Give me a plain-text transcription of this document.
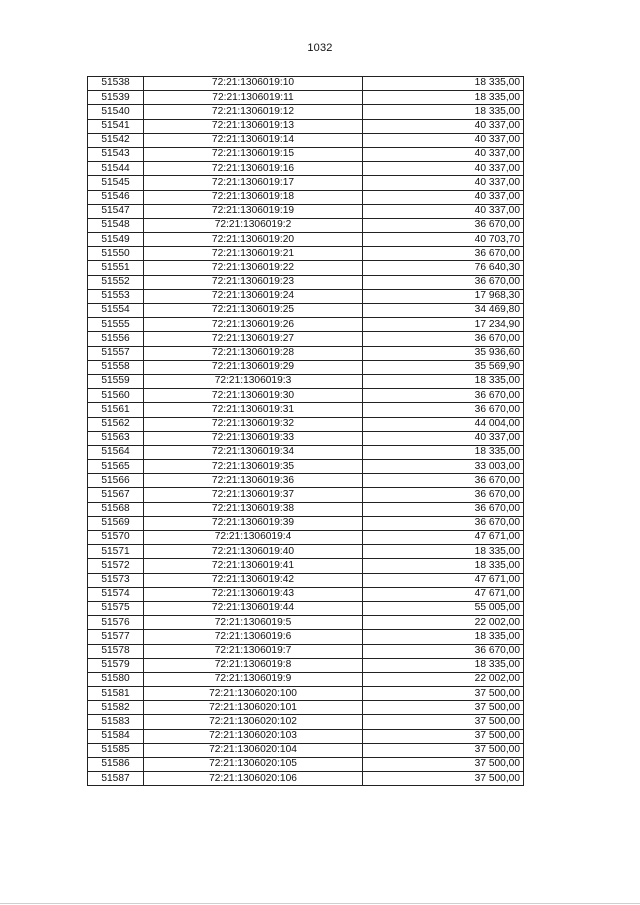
1032
51538	72:21:1306019:10	18 335,00
51539	72:21:1306019:11	18 335,00
51540	72:21:1306019:12	18 335,00
51541	72:21:1306019:13	40 337,00
51542	72:21:1306019:14	40 337,00
51543	72:21:1306019:15	40 337,00
51544	72:21:1306019:16	40 337,00
51545	72:21:1306019:17	40 337,00
51546	72:21:1306019:18	40 337,00
51547	72:21:1306019:19	40 337,00
51548	72:21:1306019:2	36 670,00
51549	72:21:1306019:20	40 703,70
51550	72:21:1306019:21	36 670,00
51551	72:21:1306019:22	76 640,30
51552	72:21:1306019:23	36 670,00
51553	72:21:1306019:24	17 968,30
51554	72:21:1306019:25	34 469,80
51555	72:21:1306019:26	17 234,90
51556	72:21:1306019:27	36 670,00
51557	72:21:1306019:28	35 936,60
51558	72:21:1306019:29	35 569,90
51559	72:21:1306019:3	18 335,00
51560	72:21:1306019:30	36 670,00
51561	72:21:1306019:31	36 670,00
51562	72:21:1306019:32	44 004,00
51563	72:21:1306019:33	40 337,00
51564	72:21:1306019:34	18 335,00
51565	72:21:1306019:35	33 003,00
51566	72:21:1306019:36	36 670,00
51567	72:21:1306019:37	36 670,00
51568	72:21:1306019:38	36 670,00
51569	72:21:1306019:39	36 670,00
51570	72:21:1306019:4	47 671,00
51571	72:21:1306019:40	18 335,00
51572	72:21:1306019:41	18 335,00
51573	72:21:1306019:42	47 671,00
51574	72:21:1306019:43	47 671,00
51575	72:21:1306019:44	55 005,00
51576	72:21:1306019:5	22 002,00
51577	72:21:1306019:6	18 335,00
51578	72:21:1306019:7	36 670,00
51579	72:21:1306019:8	18 335,00
51580	72:21:1306019:9	22 002,00
51581	72:21:1306020:100	37 500,00
51582	72:21:1306020:101	37 500,00
51583	72:21:1306020:102	37 500,00
51584	72:21:1306020:103	37 500,00
51585	72:21:1306020:104	37 500,00
51586	72:21:1306020:105	37 500,00
51587	72:21:1306020:106	37 500,00
